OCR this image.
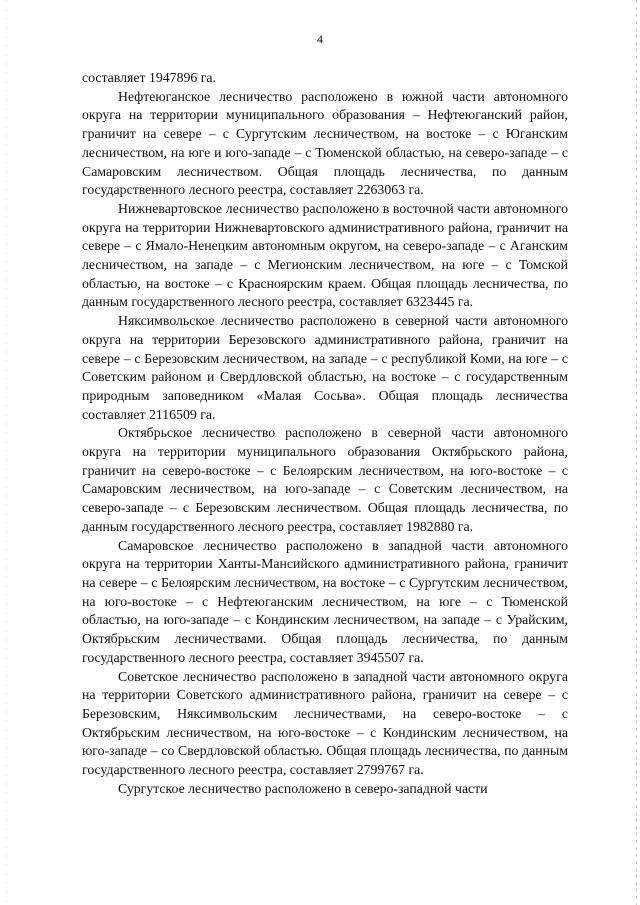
4

составляет 1947896 га.

Нефтеюганское лесничество расположено в южной части автономного округа на территории муниципального образования – Нефтеюганский район, граничит на севере – с Сургутским лесничеством, на востоке – с Юганским лесничеством, на юге и юго-западе – с Тюменской областью, на северо-западе – с Самаровским лесничеством. Общая площадь лесничества, по данным государственного лесного реестра, составляет 2263063 га.

Нижневартовское лесничество расположено в восточной части автономного округа на территории Нижневартовского административного района, граничит на севере – с Ямало-Ненецким автономным округом, на северо-западе – с Аганским лесничеством, на западе – с Мегионским лесничеством, на юге – с Томской областью, на востоке – с Красноярским краем. Общая площадь лесничества, по данным государственного лесного реестра, составляет 6323445 га.

Няксимвольское лесничество расположено в северной части автономного округа на территории Березовского административного района, граничит на севере – с Березовским лесничеством, на западе – с республикой Коми, на юге – с Советским районом и Свердловской областью, на востоке – с государственным природным заповедником «Малая Сосьва». Общая площадь лесничества составляет 2116509 га.

Октябрьское лесничество расположено в северной части автономного округа на территории муниципального образования Октябрьского района, граничит на северо-востоке – с Белоярским лесничеством, на юго-востоке – с Самаровским лесничеством, на юго-западе – с Советским лесничеством, на северо-западе – с Березовским лесничеством. Общая площадь лесничества, по данным государственного лесного реестра, составляет 1982880 га.

Самаровское лесничество расположено в западной части автономного округа на территории Ханты-Мансийского административного района, граничит на севере – с Белоярским лесничеством, на востоке – с Сургутским лесничеством, на юго-востоке – с Нефтеюганским лесничеством, на юге – с Тюменской областью, на юго-западе – с Кондинским лесничеством, на западе – с Урайским, Октябрьским лесничествами. Общая площадь лесничества, по данным государственного лесного реестра, составляет 3945507 га.

Советское лесничество расположено в западной части автономного округа на территории Советского административного района, граничит на севере – с Березовским, Няксимвольским лесничествами, на северо-востоке – с Октябрьским лесничеством, на юго-востоке – с Кондинским лесничеством, на юго-западе – со Свердловской областью. Общая площадь лесничества, по данным государственного лесного реестра, составляет 2799767 га.

Сургутское лесничество расположено в северо-западной части
